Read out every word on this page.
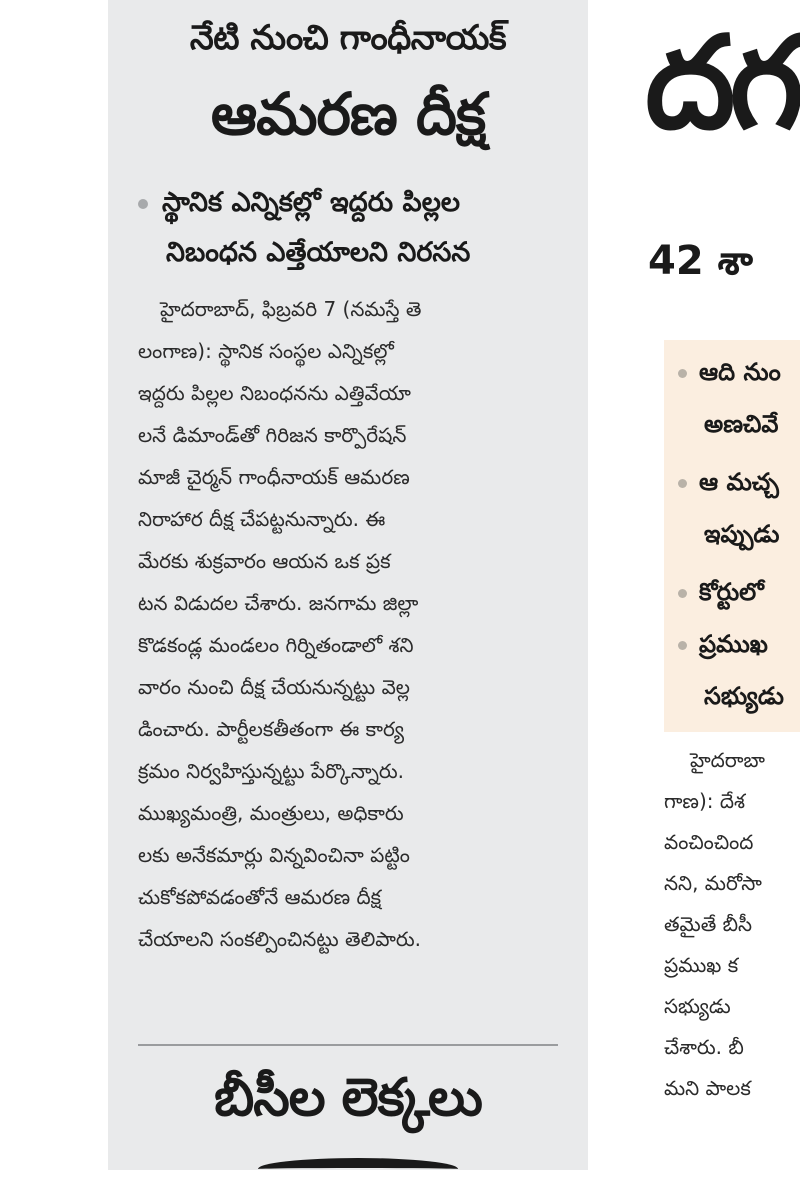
నేటి నుంచి గాంధీనాయక్
ఆమరణ దీక్ష
స్థానిక ఎన్నికల్లో ఇద్దరు పిల్లల
నిబంధన ఎత్తేయాలని నిరసన
హైదరాబాద్, ఫిబ్రవరి 7 (నమస్తే తె
లంగాణ): స్థానిక సంస్థల ఎన్నికల్లో
ఇద్దరు పిల్లల నిబంధనను ఎత్తివేయా
లనే డిమాండ్‌తో గిరిజన కార్పొరేషన్
మాజీ చైర్మన్ గాంధీనాయక్ ఆమరణ
నిరాహార దీక్ష చేపట్టనున్నారు. ఈ
మేరకు శుక్రవారం ఆయన ఒక ప్రక
టన విడుదల చేశారు. జనగామ జిల్లా
కొడకండ్ల మండలం గిర్నితండాలో శని
వారం నుంచి దీక్ష చేయనున్నట్టు వెల్ల
డించారు. పార్టీలకతీతంగా ఈ కార్య
క్రమం నిర్వహిస్తున్నట్టు పేర్కొన్నారు.
ముఖ్యమంత్రి, మంత్రులు, అధికారు
లకు అనేకమార్లు విన్నవించినా పట్టిం
చుకోకపోవడంతోనే ఆమరణ దీక్ష
చేయాలని సంకల్పించినట్టు తెలిపారు.
బీసీల లెక్కలు
దగ
42 శా
ఆది నుం
అణచివే
ఆ మచ్చ
ఇప్పుడు
కోర్టులో
ప్రముఖ
సభ్యుడు
హైదరాబా
గాణ): దేశ
వంచించింద
నని, మరోసా
తమైతే బీసీ
ప్రముఖ క
సభ్యుడు
చేశారు. బీ
మని పాలక
